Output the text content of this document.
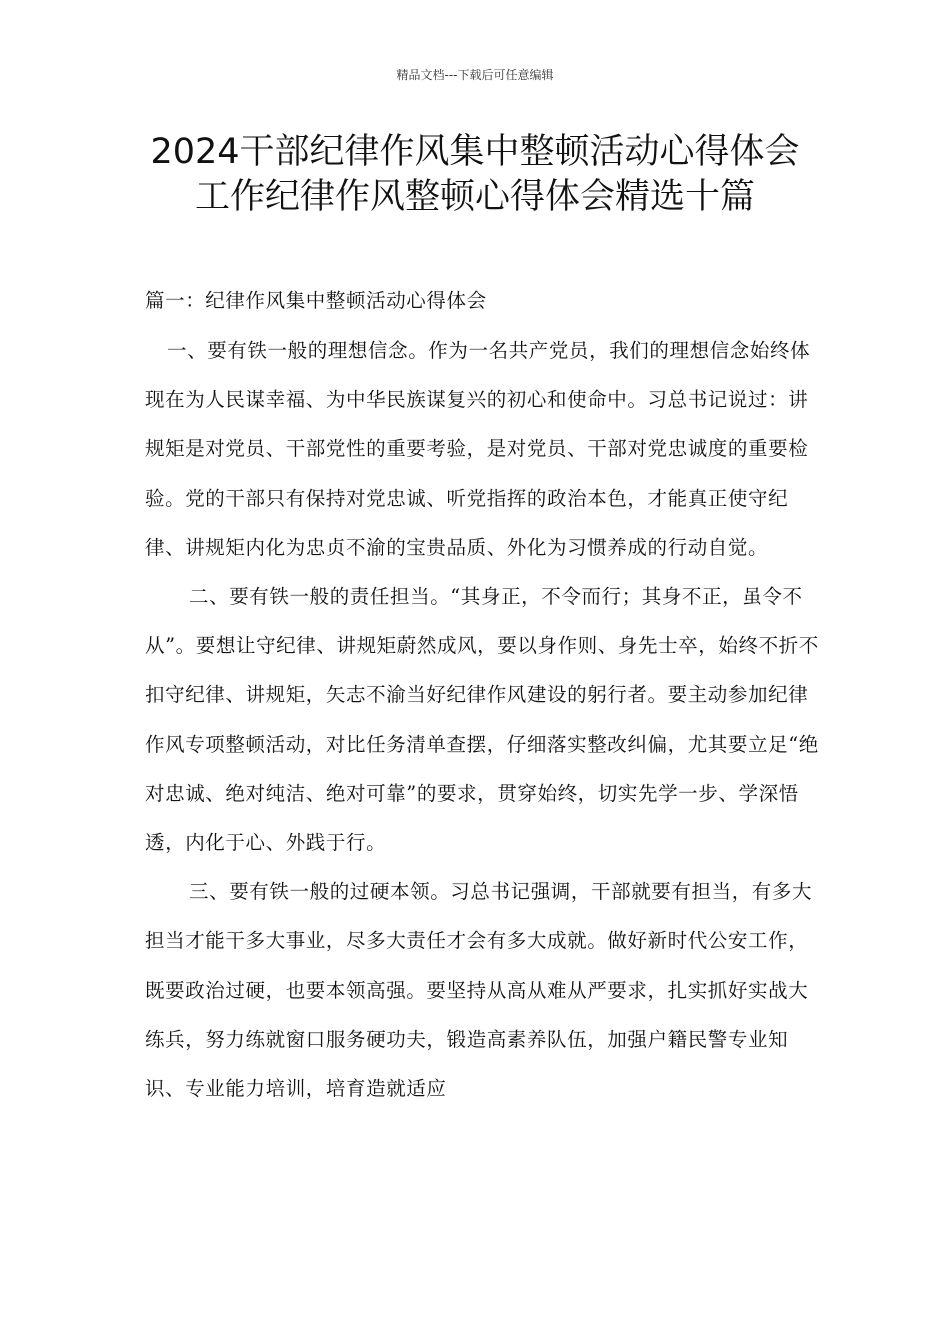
精品文档---下载后可任意编辑
2024干部纪律作风集中整顿活动心得体会 工作纪律作风整顿心得体会精选十篇

篇一：纪律作风集中整顿活动心得体会

一、要有铁一般的理想信念。作为一名共产党员，我们的理想信念始终体现在为人民谋幸福、为中华民族谋复兴的初心和使命中。习总书记说过：讲规矩是对党员、干部党性的重要考验，是对党员、干部对党忠诚度的重要检验。党的干部只有保持对党忠诚、听党指挥的政治本色，才能真正使守纪律、讲规矩内化为忠贞不渝的宝贵品质、外化为习惯养成的行动自觉。

二、要有铁一般的责任担当。“其身正，不令而行；其身不正，虽令不从”。要想让守纪律、讲规矩蔚然成风，要以身作则、身先士卒，始终不折不扣守纪律、讲规矩，矢志不渝当好纪律作风建设的躬行者。要主动参加纪律作风专项整顿活动，对比任务清单查摆，仔细落实整改纠偏，尤其要立足“绝对忠诚、绝对纯洁、绝对可靠”的要求，贯穿始终，切实先学一步、学深悟透，内化于心、外践于行。

三、要有铁一般的过硬本领。习总书记强调，干部就要有担当，有多大担当才能干多大事业，尽多大责任才会有多大成就。做好新时代公安工作，既要政治过硬，也要本领高强。要坚持从高从难从严要求，扎实抓好实战大练兵，努力练就窗口服务硬功夫，锻造高素养队伍，加强户籍民警专业知识、专业能力培训，培育造就适应
